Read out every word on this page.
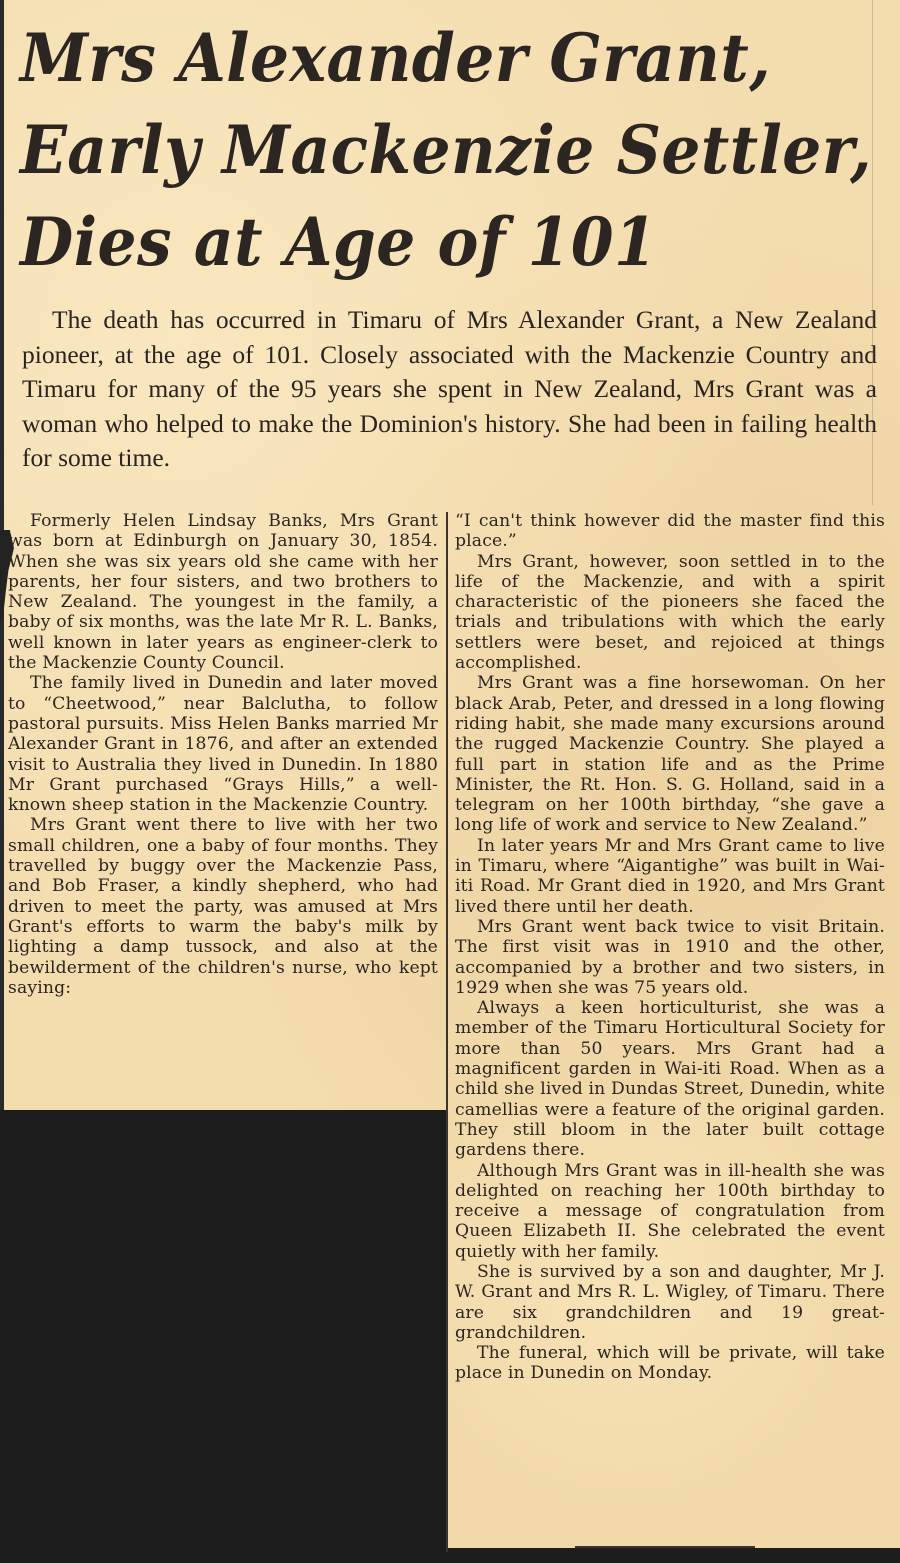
Mrs Alexander Grant,
Early Mackenzie Settler,
Dies at Age of 101
The death has occurred in Timaru of Mrs Alexander Grant, a New Zealand pioneer, at the age of 101. Closely associated with the Mackenzie Country and Timaru for many of the 95 years she spent in New Zealand, Mrs Grant was a woman who helped to make the Dominion's history. She had been in failing health for some time.

Formerly Helen Lindsay Banks, Mrs Grant was born at Edinburgh on January 30, 1854. When she was six years old she came with her parents, her four sisters, and two brothers to New Zealand. The youngest in the family, a baby of six months, was the late Mr R. L. Banks, well known in later years as engineer-clerk to the Mackenzie County Council.

The family lived in Dunedin and later moved to “Cheetwood,” near Balclutha, to follow pastoral pursuits. Miss Helen Banks married Mr Alexander Grant in 1876, and after an extended visit to Australia they lived in Dunedin. In 1880 Mr Grant purchased “Grays Hills,” a well-known sheep station in the Mackenzie Country.

Mrs Grant went there to live with her two small children, one a baby of four months. They travelled by buggy over the Mackenzie Pass, and Bob Fraser, a kindly shepherd, who had driven to meet the party, was amused at Mrs Grant's efforts to warm the baby's milk by lighting a damp tussock, and also at the bewilderment of the children's nurse, who kept saying:

“I can't think however did the master find this place.”

Mrs Grant, however, soon settled in to the life of the Mackenzie, and with a spirit characteristic of the pioneers she faced the trials and tribulations with which the early settlers were beset, and rejoiced at things accomplished.

Mrs Grant was a fine horsewoman. On her black Arab, Peter, and dressed in a long flowing riding habit, she made many excursions around the rugged Mackenzie Country. She played a full part in station life and as the Prime Minister, the Rt. Hon. S. G. Holland, said in a telegram on her 100th birthday, “she gave a long life of work and service to New Zealand.”

In later years Mr and Mrs Grant came to live in Timaru, where “Aigantighe” was built in Wai-iti Road. Mr Grant died in 1920, and Mrs Grant lived there until her death.

Mrs Grant went back twice to visit Britain. The first visit was in 1910 and the other, accompanied by a brother and two sisters, in 1929 when she was 75 years old.

Always a keen horticulturist, she was a member of the Timaru Horticultural Society for more than 50 years. Mrs Grant had a magnificent garden in Wai-iti Road. When as a child she lived in Dundas Street, Dunedin, white camellias were a feature of the original garden. They still bloom in the later built cottage gardens there.

Although Mrs Grant was in ill-health she was delighted on reaching her 100th birthday to receive a message of congratulation from Queen Elizabeth II. She celebrated the event quietly with her family.

She is survived by a son and daughter, Mr J. W. Grant and Mrs R. L. Wigley, of Timaru. There are six grandchildren and 19 great-grandchildren.

The funeral, which will be private, will take place in Dunedin on Monday.
